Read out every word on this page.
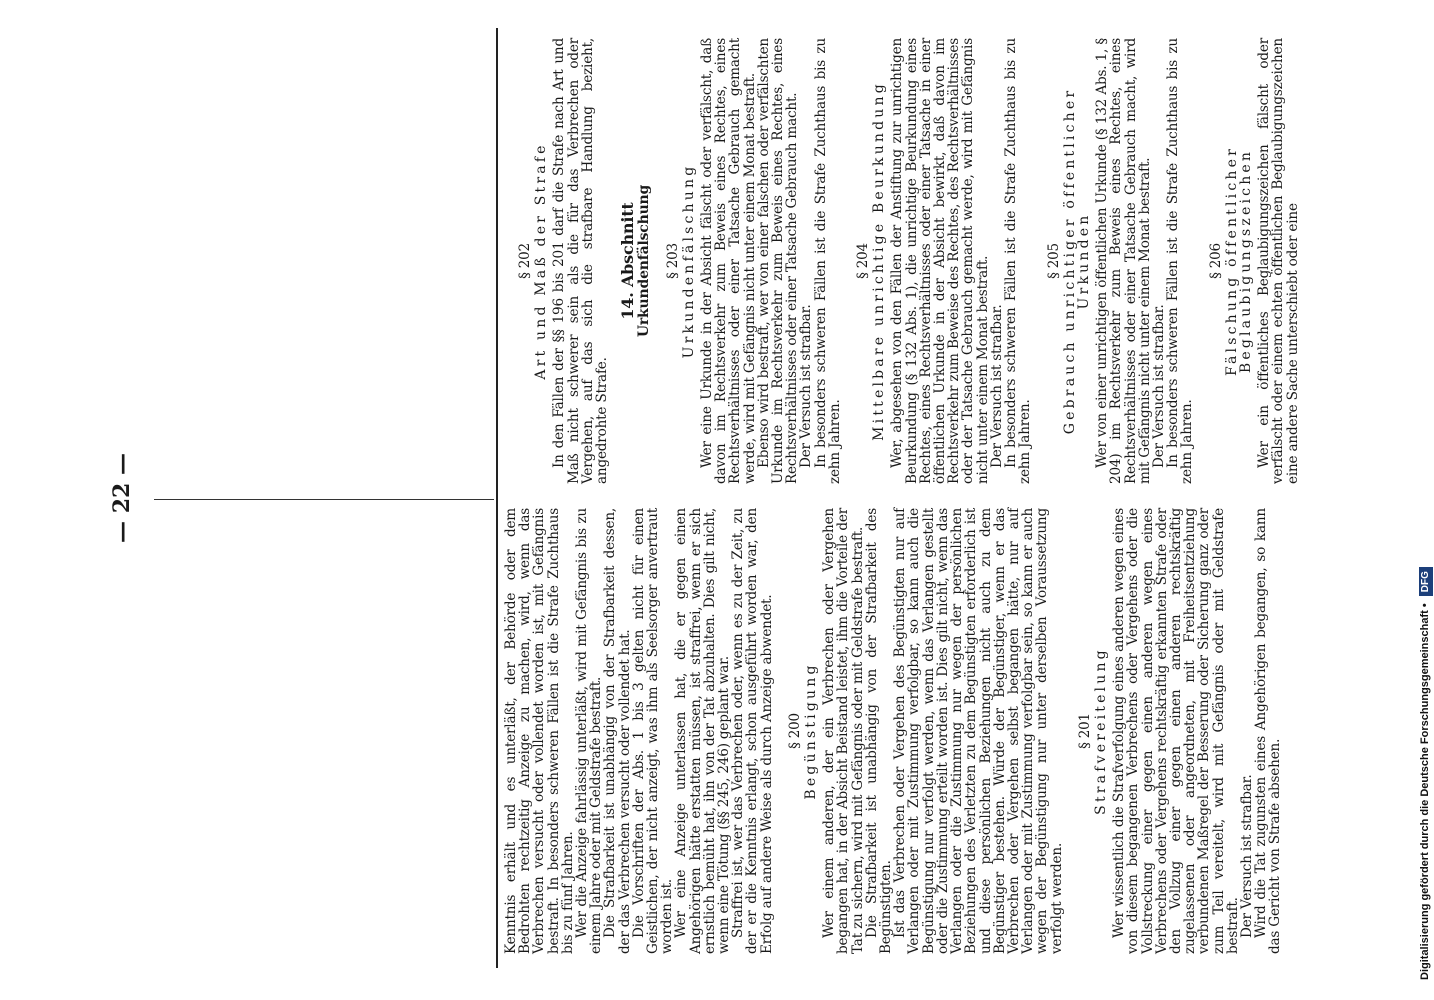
— 22 —

Kenntnis erhält und es unterläßt, der Behörde oder dem Bedrohten rechtzeitig Anzeige zu machen, wird, wenn das Verbrechen versucht oder vollendet worden ist, mit Gefängnis bestraft. In besonders schweren Fällen ist die Strafe Zuchthaus bis zu fünf Jahren.

Wer die Anzeige fahrlässig unterläßt, wird mit Gefängnis bis zu einem Jahre oder mit Geldstrafe bestraft.

Die Strafbarkeit ist unabhängig von der Strafbarkeit dessen, der das Verbrechen versucht oder vollendet hat.

Die Vorschriften der Abs. 1 bis 3 gelten nicht für einen Geistlichen, der nicht anzeigt, was ihm als Seelsorger anvertraut worden ist.

Wer eine Anzeige unterlassen hat, die er gegen einen Angehörigen hätte erstatten müssen, ist straffrei, wenn er sich ernstlich bemüht hat, ihn von der Tat abzuhalten. Dies gilt nicht, wenn eine Tötung (§§ 245, 246) geplant war.

Straffrei ist, wer das Verbrechen oder, wenn es zu der Zeit, zu der er die Kenntnis erlangt, schon ausgeführt worden war, den Erfolg auf andere Weise als durch Anzeige abwendet. § 200 Begünstigung Wer einem anderen, der ein Verbrechen oder Vergehen begangen hat, in der Absicht Beistand leistet, ihm die Vorteile der Tat zu sichern, wird mit Gefängnis oder mit Geldstrafe bestraft.

Die Strafbarkeit ist unabhängig von der Strafbarkeit des Begünstigten.

Ist das Verbrechen oder Vergehen des Begünstigten nur auf Verlangen oder mit Zustimmung verfolgbar, so kann auch die Begünstigung nur verfolgt werden, wenn das Verlangen gestellt oder die Zustimmung erteilt worden ist. Dies gilt nicht, wenn das Verlangen oder die Zustimmung nur wegen der persönlichen Beziehungen des Verletzten zu dem Begünstigten erforderlich ist und diese persönlichen Beziehungen nicht auch zu dem Begünstiger bestehen. Würde der Begünstiger, wenn er das Verbrechen oder Vergehen selbst begangen hätte, nur auf Verlangen oder mit Zustimmung verfolgbar sein, so kann er auch wegen der Begünstigung nur unter derselben Voraussetzung verfolgt werden.

§ 201 Strafvereitelung Wer wissentlich die Strafverfolgung eines anderen wegen eines von diesem begangenen Verbrechens oder Vergehens oder die Vollstreckung einer gegen einen anderen wegen eines Verbrechens oder Vergehens rechtskräftig erkannten Strafe oder den Vollzug einer gegen einen anderen rechtskräftig zugelassenen oder angeordneten, mit Freiheitsentziehung verbundenen Maßregel der Besserung oder Sicherung ganz oder zum Teil vereitelt, wird mit Gefängnis oder mit Geldstrafe bestraft.

Der Versuch ist strafbar.

Wird die Tat zugunsten eines Angehörigen begangen, so kann das Gericht von Strafe absehen.

§ 202 Art und Maß der Strafe In den Fällen der §§ 196 bis 201 darf die Strafe nach Art und Maß nicht schwerer sein als die für das Verbrechen oder Vergehen, auf das sich die strafbare Handlung bezieht, angedrohte Strafe.

14. Abschnitt Urkundenfälschung § 203 Urkundenfälschung Wer eine Urkunde in der Absicht fälscht oder verfälscht, daß davon im Rechtsverkehr zum Beweis eines Rechtes, eines Rechtsverhältnisses oder einer Tatsache Gebrauch gemacht werde, wird mit Gefängnis nicht unter einem Monat bestraft.

Ebenso wird bestraft, wer von einer falschen oder verfälschten Urkunde im Rechtsverkehr zum Beweis eines Rechtes, eines Rechtsverhältnisses oder einer Tatsache Gebrauch macht.

Der Versuch ist strafbar.

In besonders schweren Fällen ist die Strafe Zuchthaus bis zu zehn Jahren.

§ 204 Mittelbare unrichtige Beurkundung Wer, abgesehen von den Fällen der Anstiftung zur unrichtigen Beurkundung (§ 132 Abs. 1), die unrichtige Beurkundung eines Rechtes, eines Rechtsverhältnisses oder einer Tatsache in einer öffentlichen Urkunde in der Absicht bewirkt, daß davon im Rechtsverkehr zum Beweise des Rechtes, des Rechtsverhältnisses oder der Tatsache Gebrauch gemacht werde, wird mit Gefängnis nicht unter einem Monat bestraft.

Der Versuch ist strafbar.

In besonders schweren Fällen ist die Strafe Zuchthaus bis zu zehn Jahren.

§ 205 Gebrauch unrichtiger öffentlicher Urkunden Wer von einer unrichtigen öffentlichen Urkunde (§ 132 Abs. 1, § 204) im Rechtsverkehr zum Beweis eines Rechtes, eines Rechtsverhältnisses oder einer Tatsache Gebrauch macht, wird mit Gefängnis nicht unter einem Monat bestraft.

Der Versuch ist strafbar.

In besonders schweren Fällen ist die Strafe Zuchthaus bis zu zehn Jahren.

§ 206 Fälschung öffentlicher Beglaubigungszeichen Wer ein öffentliches Beglaubigungszeichen fälscht oder verfälscht oder einem echten öffentlichen Beglaubigungszeichen eine andere Sache unterschiebt oder eine

Digitalisierung gefördert durch die Deutsche Forschungsgemeinschaft • DFG
